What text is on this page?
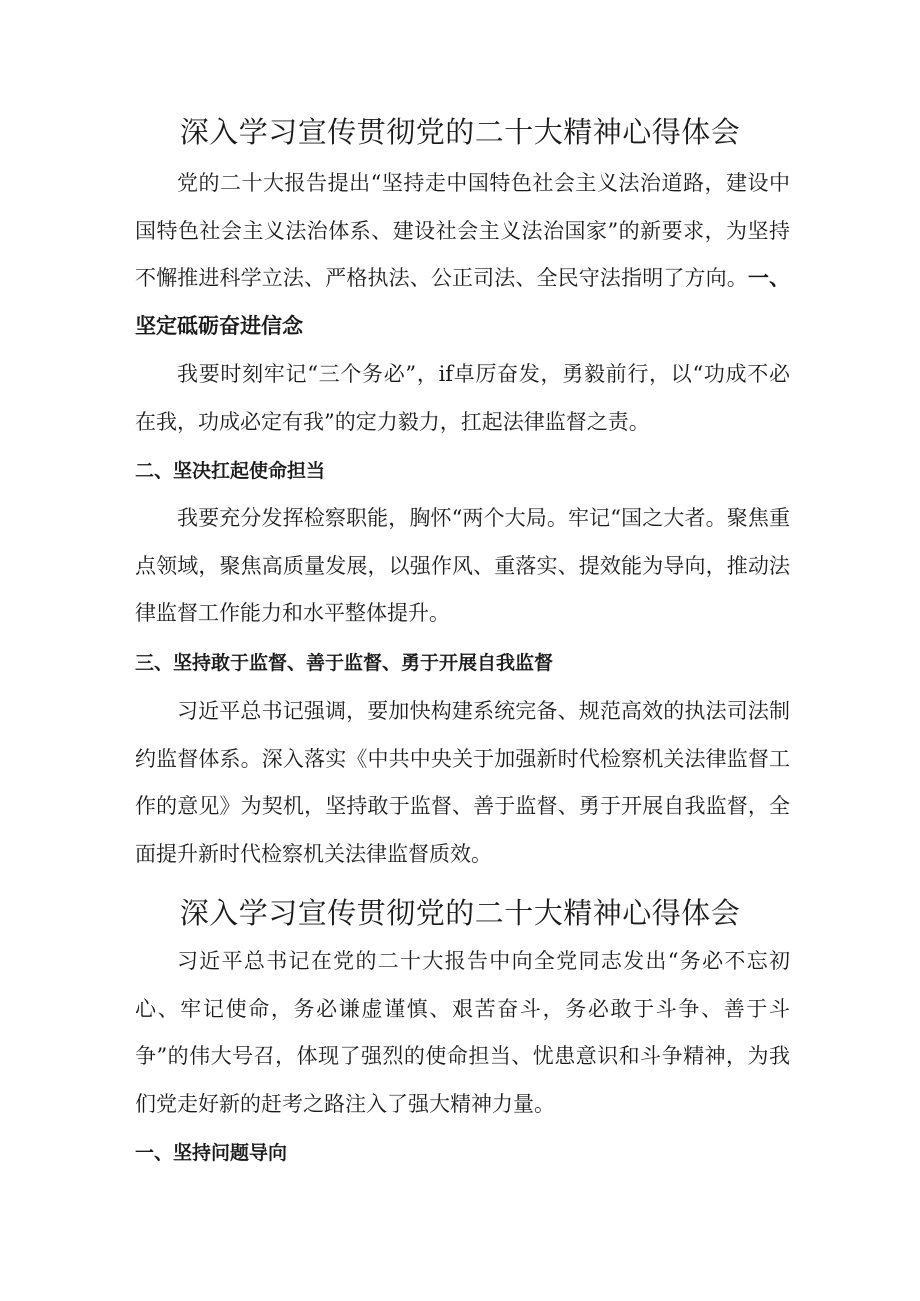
深入学习宣传贯彻党的二十大精神心得体会

党的二十大报告提出“坚持走中国特色社会主义法治道路，建设中国特色社会主义法治体系、建设社会主义法治国家”的新要求，为坚持不懈推进科学立法、严格执法、公正司法、全民守法指明了方向。一、坚定砥砺奋进信念

我要时刻牢记“三个务必”，if卓厉奋发，勇毅前行，以“功成不必在我，功成必定有我”的定力毅力，扛起法律监督之责。

二、坚决扛起使命担当

我要充分发挥检察职能，胸怀“两个大局。牢记“国之大者。聚焦重点领域，聚焦高质量发展，以强作风、重落实、提效能为导向，推动法律监督工作能力和水平整体提升。

三、坚持敢于监督、善于监督、勇于开展自我监督

习近平总书记强调，要加快构建系统完备、规范高效的执法司法制约监督体系。深入落实《中共中央关于加强新时代检察机关法律监督工作的意见》为契机，坚持敢于监督、善于监督、勇于开展自我监督，全面提升新时代检察机关法律监督质效。

深入学习宣传贯彻党的二十大精神心得体会

习近平总书记在党的二十大报告中向全党同志发出“务必不忘初心、牢记使命，务必谦虚谨慎、艰苦奋斗，务必敢于斗争、善于斗争”的伟大号召，体现了强烈的使命担当、忧患意识和斗争精神，为我们党走好新的赶考之路注入了强大精神力量。

一、坚持问题导向
